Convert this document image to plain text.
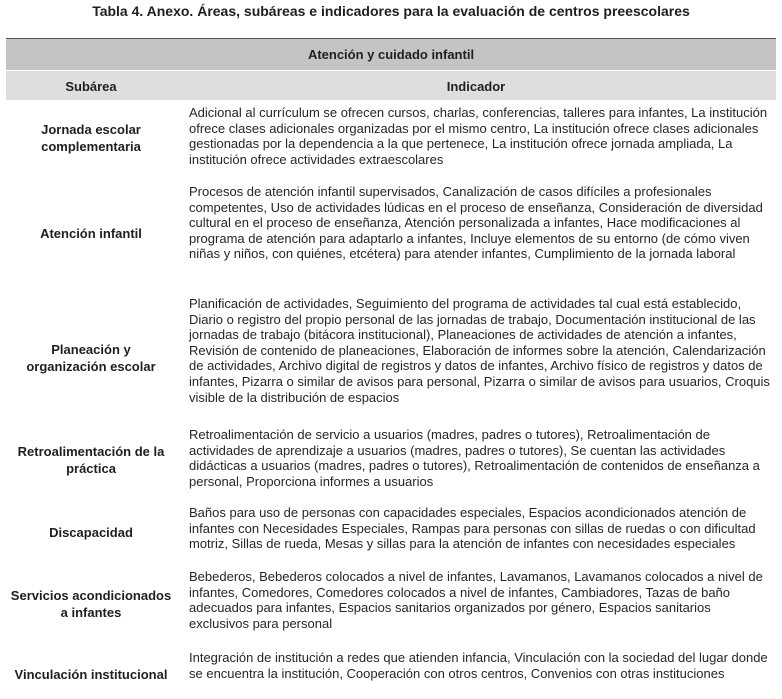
Tabla 4. Anexo. Áreas, subáreas e indicadores para la evaluación de centros preescolares
Atención y cuidado infantil
Subárea	Indicador
Jornada escolar complementaria
Adicional al currículum se ofrecen cursos, charlas, conferencias, talleres para infantes, La institución ofrece clases adicionales organizadas por el mismo centro, La institución ofrece clases adicionales gestionadas por la dependencia a la que pertenece, La institución ofrece jornada ampliada, La institución ofrece actividades extraescolares
Atención infantil
Procesos de atención infantil supervisados, Canalización de casos difíciles a profesionales competentes, Uso de actividades lúdicas en el proceso de enseñanza, Consideración de diversidad cultural en el proceso de enseñanza, Atención personalizada a infantes, Hace modificaciones al programa de atención para adaptarlo a infantes, Incluye elementos de su entorno (de cómo viven niñas y niños, con quiénes, etcétera) para atender infantes, Cumplimiento de la jornada laboral
Planeación y organización escolar
Planificación de actividades, Seguimiento del programa de actividades tal cual está establecido, Diario o registro del propio personal de las jornadas de trabajo, Documentación institucional de las jornadas de trabajo (bitácora institucional), Planeaciones de actividades de atención a infantes, Revisión de contenido de planeaciones, Elaboración de informes sobre la atención, Calendarización de actividades, Archivo digital de registros y datos de infantes, Archivo físico de registros y datos de infantes, Pizarra o similar de avisos para personal, Pizarra o similar de avisos para usuarios, Croquis visible de la distribución de espacios
Retroalimentación de la práctica
Retroalimentación de servicio a usuarios (madres, padres o tutores), Retroalimentación de actividades de aprendizaje a usuarios (madres, padres o tutores), Se cuentan las actividades didácticas a usuarios (madres, padres o tutores), Retroalimentación de contenidos de enseñanza a personal, Proporciona informes a usuarios
Discapacidad
Baños para uso de personas con capacidades especiales, Espacios acondicionados atención de infantes con Necesidades Especiales, Rampas para personas con sillas de ruedas o con dificultad motriz, Sillas de rueda, Mesas y sillas para la atención de infantes con necesidades especiales
Servicios acondicionados a infantes
Bebederos, Bebederos colocados a nivel de infantes, Lavamanos, Lavamanos colocados a nivel de infantes, Comedores, Comedores colocados a nivel de infantes, Cambiadores, Tazas de baño adecuados para infantes, Espacios sanitarios organizados por género, Espacios sanitarios exclusivos para personal
Vinculación institucional
Integración de institución a redes que atienden infancia, Vinculación con la sociedad del lugar donde se encuentra la institución, Cooperación con otros centros, Convenios con otras instituciones
